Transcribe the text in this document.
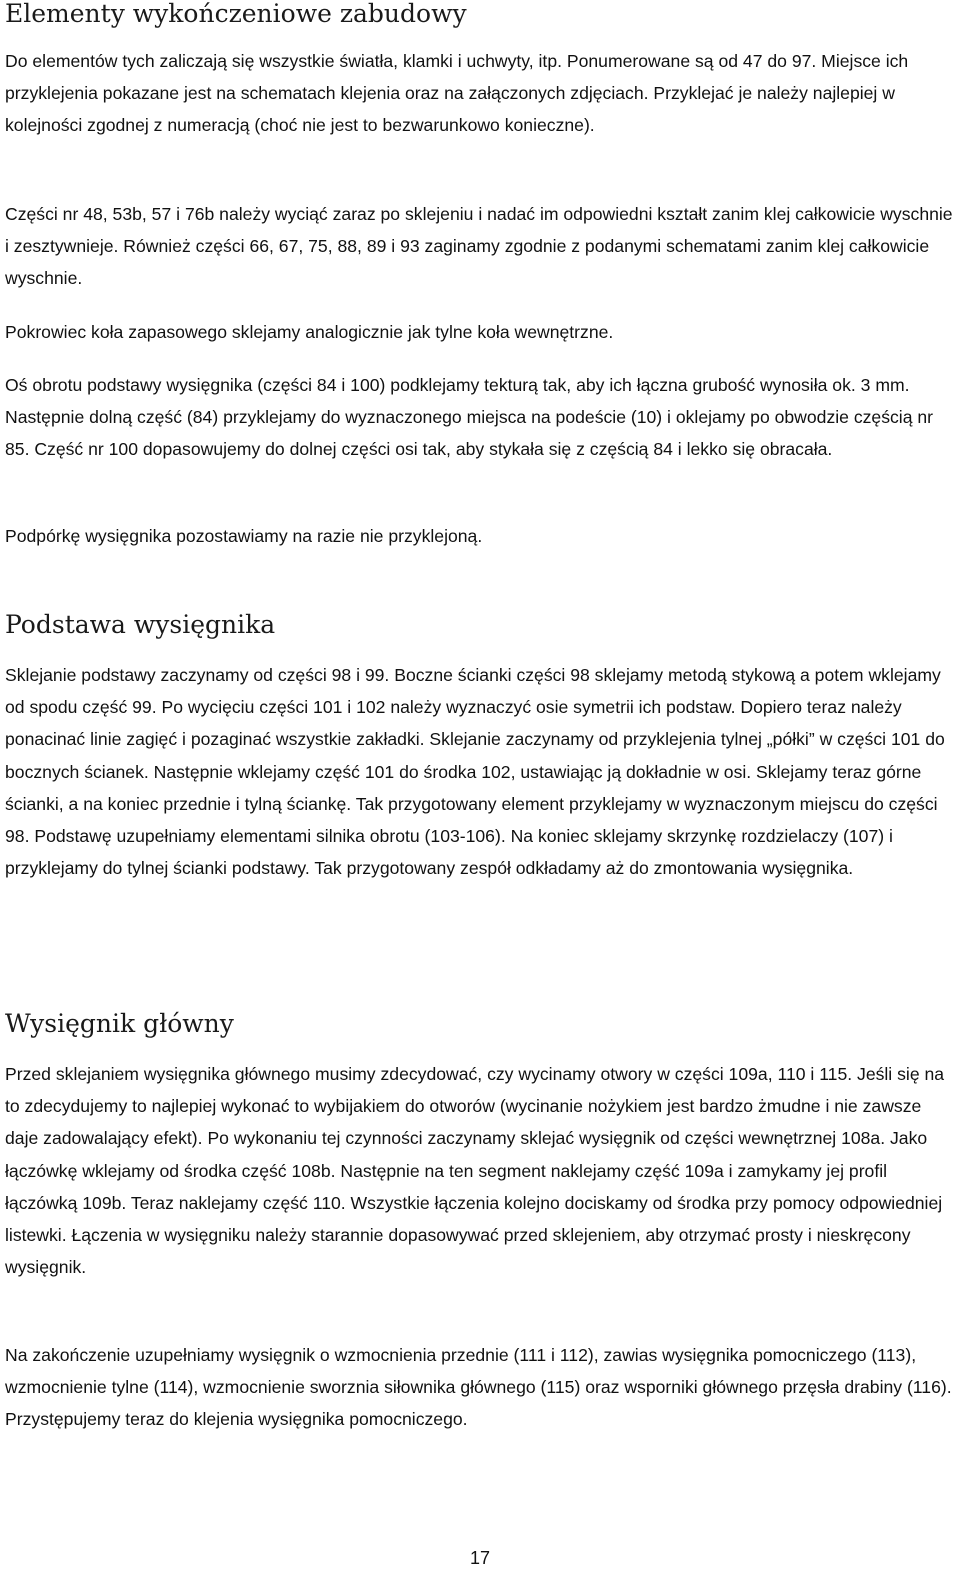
Elementy wykończeniowe zabudowy

Do elementów tych zaliczają się wszystkie światła, klamki i uchwyty, itp. Ponumerowane są od 47 do 97. Miejsce ich przyklejenia pokazane jest na schematach klejenia oraz na załączonych zdjęciach. Przyklejać je należy najlepiej w kolejności zgodnej z numeracją (choć nie jest to bezwarunkowo konieczne).

Części nr 48, 53b, 57 i 76b należy wyciąć zaraz po sklejeniu i nadać im odpowiedni kształt zanim klej całkowicie wyschnie i zesztywnieje. Również części 66, 67, 75, 88, 89 i 93 zaginamy zgodnie z podanymi schematami zanim klej całkowicie wyschnie.

Pokrowiec koła zapasowego sklejamy analogicznie jak tylne koła wewnętrzne.

Oś obrotu podstawy wysięgnika (części 84 i 100) podklejamy tekturą tak, aby ich łączna grubość wynosiła ok. 3 mm. Następnie dolną część (84) przyklejamy do wyznaczonego miejsca na podeście (10) i oklejamy po obwodzie częścią nr 85. Część nr 100 dopasowujemy do dolnej części osi tak, aby stykała się z częścią 84 i lekko się obracała.

Podpórkę wysięgnika pozostawiamy na razie nie przyklejoną.

Podstawa wysięgnika

Sklejanie podstawy zaczynamy od części 98 i 99. Boczne ścianki części 98 sklejamy metodą stykową a potem wklejamy od spodu część 99. Po wycięciu części 101 i 102 należy wyznaczyć osie symetrii ich podstaw. Dopiero teraz należy ponacinać linie zagięć i pozaginać wszystkie zakładki. Sklejanie zaczynamy od przyklejenia tylnej „półki” w części 101 do bocznych ścianek. Następnie wklejamy część 101 do środka 102, ustawiając ją dokładnie w osi. Sklejamy teraz górne ścianki, a na koniec przednie i tylną ściankę. Tak przygotowany element przyklejamy w wyznaczonym miejscu do części 98. Podstawę uzupełniamy elementami silnika obrotu (103-106). Na koniec sklejamy skrzynkę rozdzielaczy (107) i przyklejamy do tylnej ścianki podstawy. Tak przygotowany zespół odkładamy aż do zmontowania wysięgnika.

Wysięgnik główny

Przed sklejaniem wysięgnika głównego musimy zdecydować, czy wycinamy otwory w części 109a, 110 i 115. Jeśli się na to zdecydujemy to najlepiej wykonać to wybijakiem do otworów (wycinanie nożykiem jest bardzo żmudne i nie zawsze daje zadowalający efekt). Po wykonaniu tej czynności zaczynamy sklejać wysięgnik od części wewnętrznej 108a. Jako łączówkę wklejamy od środka część 108b. Następnie na ten segment naklejamy część 109a i zamykamy jej profil łączówką 109b. Teraz naklejamy część 110. Wszystkie łączenia kolejno dociskamy od środka przy pomocy odpowiedniej listewki. Łączenia w wysięgniku należy starannie dopasowywać przed sklejeniem, aby otrzymać prosty i nieskręcony wysięgnik.

Na zakończenie uzupełniamy wysięgnik o wzmocnienia przednie (111 i 112), zawias wysięgnika pomocniczego (113), wzmocnienie tylne (114), wzmocnienie sworznia siłownika głównego (115) oraz wsporniki głównego przęsła drabiny (116). Przystępujemy teraz do klejenia wysięgnika pomocniczego.

17
